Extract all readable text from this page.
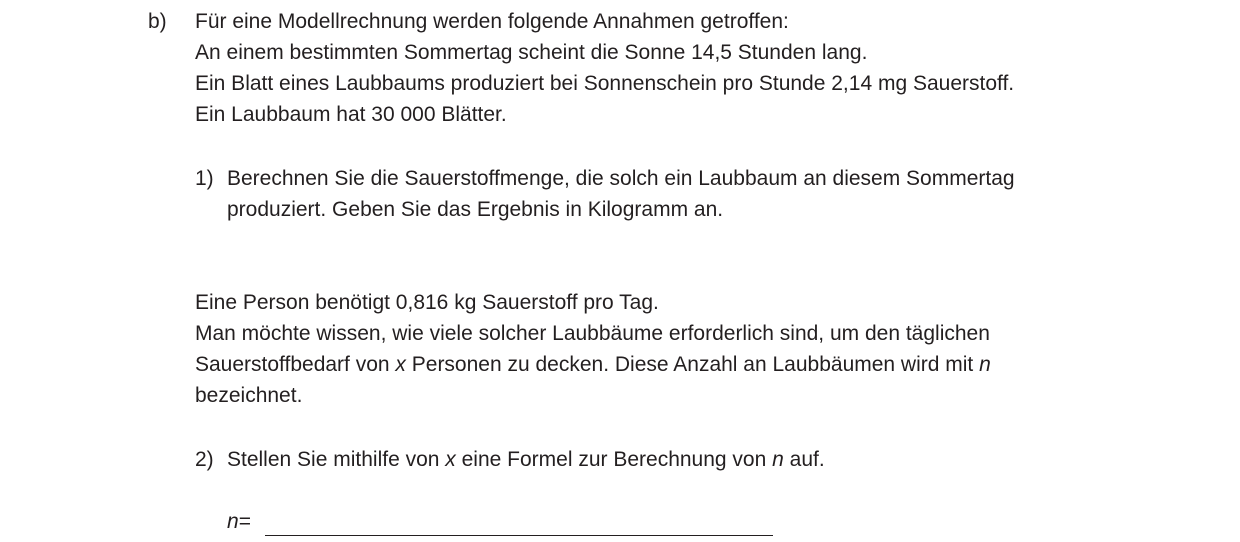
b) Für eine Modellrechnung werden folgende Annahmen getroffen:
An einem bestimmten Sommertag scheint die Sonne 14,5 Stunden lang.
Ein Blatt eines Laubbaums produziert bei Sonnenschein pro Stunde 2,14 mg Sauerstoff.
Ein Laubbaum hat 30 000 Blätter.
1) Berechnen Sie die Sauerstoffmenge, die solch ein Laubbaum an diesem Sommertag
produziert. Geben Sie das Ergebnis in Kilogramm an.
Eine Person benötigt 0,816 kg Sauerstoff pro Tag.
Man möchte wissen, wie viele solcher Laubbäume erforderlich sind, um den täglichen
Sauerstoffbedarf von x Personen zu decken. Diese Anzahl an Laubbäumen wird mit n
bezeichnet.
2) Stellen Sie mithilfe von x eine Formel zur Berechnung von n auf.
n =
